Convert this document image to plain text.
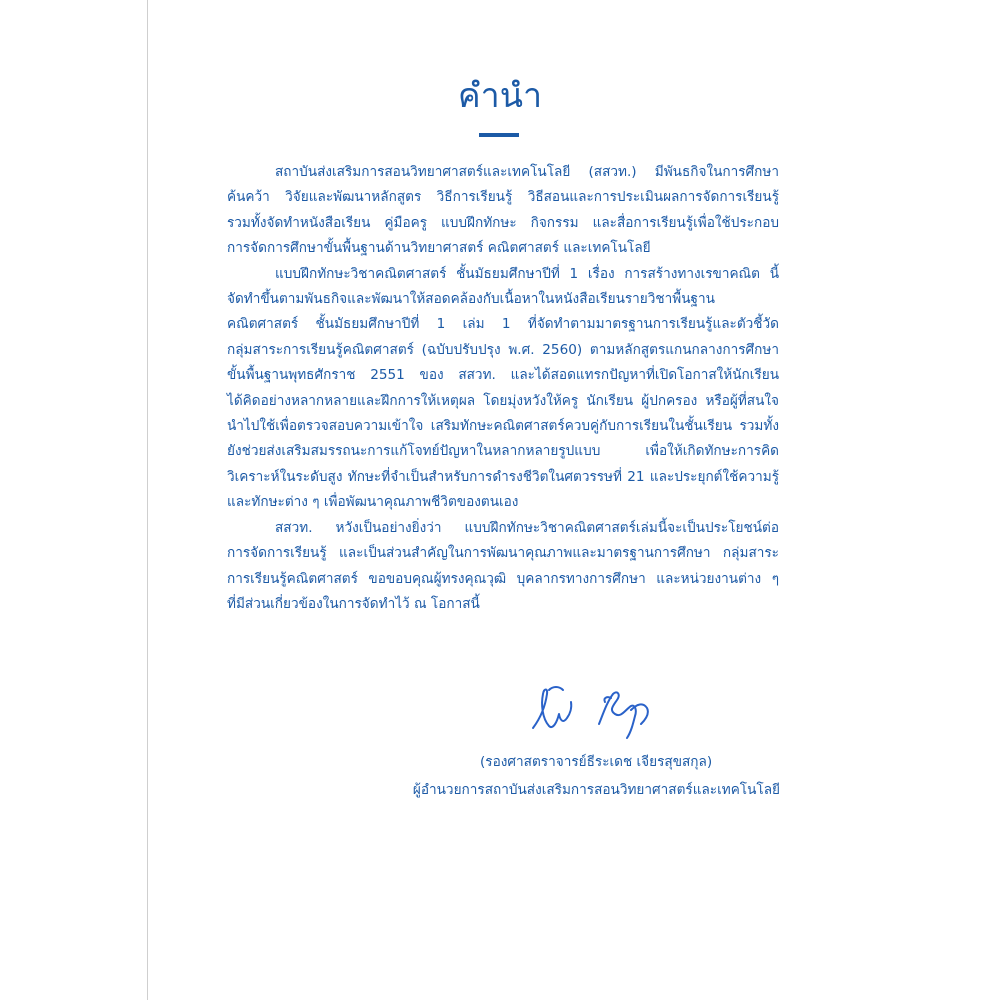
คำนำ
สถาบันส่งเสริมการสอนวิทยาศาสตร์และเทคโนโลยี (สสวท.) มีพันธกิจในการศึกษา
ค้นคว้า วิจัยและพัฒนาหลักสูตร วิธีการเรียนรู้ วิธีสอนและการประเมินผลการจัดการเรียนรู้
รวมทั้งจัดทำหนังสือเรียน คู่มือครู แบบฝึกทักษะ กิจกรรม และสื่อการเรียนรู้เพื่อใช้ประกอบ
การจัดการศึกษาขั้นพื้นฐานด้านวิทยาศาสตร์ คณิตศาสตร์ และเทคโนโลยี
แบบฝึกทักษะวิชาคณิตศาสตร์ ชั้นมัธยมศึกษาปีที่ 1 เรื่อง การสร้างทางเรขาคณิต นี้
จัดทำขึ้นตามพันธกิจและพัฒนาให้สอดคล้องกับเนื้อหาในหนังสือเรียนรายวิชาพื้นฐาน
คณิตศาสตร์ ชั้นมัธยมศึกษาปีที่ 1 เล่ม 1 ที่จัดทำตามมาตรฐานการเรียนรู้และตัวชี้วัด
กลุ่มสาระการเรียนรู้คณิตศาสตร์ (ฉบับปรับปรุง พ.ศ. 2560) ตามหลักสูตรแกนกลางการศึกษา
ขั้นพื้นฐานพุทธศักราช 2551 ของ สสวท. และได้สอดแทรกปัญหาที่เปิดโอกาสให้นักเรียน
ได้คิดอย่างหลากหลายและฝึกการให้เหตุผล โดยมุ่งหวังให้ครู นักเรียน ผู้ปกครอง หรือผู้ที่สนใจ
นำไปใช้เพื่อตรวจสอบความเข้าใจ เสริมทักษะคณิตศาสตร์ควบคู่กับการเรียนในชั้นเรียน รวมทั้ง
ยังช่วยส่งเสริมสมรรถนะการแก้โจทย์ปัญหาในหลากหลายรูปแบบ เพื่อให้เกิดทักษะการคิด
วิเคราะห์ในระดับสูง ทักษะที่จำเป็นสำหรับการดำรงชีวิตในศตวรรษที่ 21 และประยุกต์ใช้ความรู้
และทักษะต่าง ๆ เพื่อพัฒนาคุณภาพชีวิตของตนเอง
สสวท. หวังเป็นอย่างยิ่งว่า แบบฝึกทักษะวิชาคณิตศาสตร์เล่มนี้จะเป็นประโยชน์ต่อ
การจัดการเรียนรู้ และเป็นส่วนสำคัญในการพัฒนาคุณภาพและมาตรฐานการศึกษา กลุ่มสาระ
การเรียนรู้คณิตศาสตร์ ขอขอบคุณผู้ทรงคุณวุฒิ บุคลากรทางการศึกษา และหน่วยงานต่าง ๆ
ที่มีส่วนเกี่ยวข้องในการจัดทำไว้ ณ โอกาสนี้
(รองศาสตราจารย์ธีระเดช เจียรสุขสกุล)
ผู้อำนวยการสถาบันส่งเสริมการสอนวิทยาศาสตร์และเทคโนโลยี
